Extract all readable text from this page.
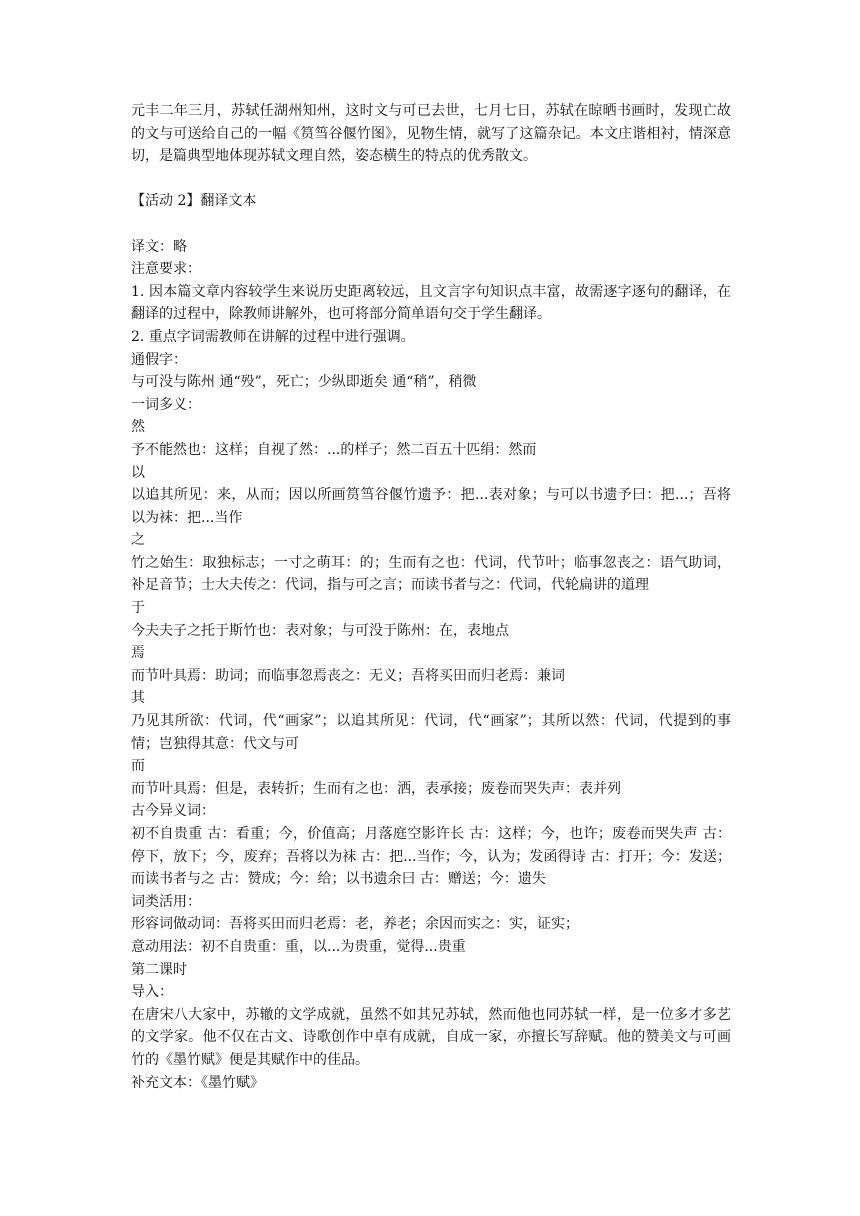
元丰二年三月，苏轼任湖州知州，这时文与可已去世，七月七日，苏轼在晾晒书画时，发现亡故的文与可送给自己的一幅《筼筜谷偃竹图》，见物生情，就写了这篇杂记。本文庄谐相衬，情深意切，是篇典型地体现苏轼文理自然，姿态横生的特点的优秀散文。

【活动 2】翻译文本

译文：略

注意要求：

1. 因本篇文章内容较学生来说历史距离较远，且文言字句知识点丰富，故需逐字逐句的翻译，在翻译的过程中，除教师讲解外，也可将部分简单语句交于学生翻译。

2. 重点字词需教师在讲解的过程中进行强调。

通假字：

与可没与陈州 通“殁”，死亡；少纵即逝矣 通“稍”，稍微

一词多义：

然

予不能然也：这样；自视了然：...的样子；然二百五十匹绢：然而

以

以追其所见：来，从而；因以所画筼筜谷偃竹遗予：把...表对象；与可以书遗予曰：把...；吾将以为袜：把...当作

之

竹之始生：取独标志；一寸之萌耳：的；生而有之也：代词，代节叶；临事忽丧之：语气助词，补足音节；士大夫传之：代词，指与可之言；而读书者与之：代词，代轮扁讲的道理

于

今夫夫子之托于斯竹也：表对象；与可没于陈州：在，表地点

焉

而节叶具焉：助词；而临事忽焉丧之：无义；吾将买田而归老焉：兼词

其

乃见其所欲：代词，代“画家”；以追其所见：代词，代“画家”；其所以然：代词，代提到的事情；岂独得其意：代文与可

而

而节叶具焉：但是，表转折；生而有之也：洒，表承接；废卷而哭失声：表并列

古今异义词：

初不自贵重 古：看重；今，价值高；月落庭空影许长 古：这样；今，也许；废卷而哭失声 古：停下，放下；今，废弃；吾将以为袜 古：把...当作；今，认为；发函得诗 古：打开；今：发送；而读书者与之 古：赞成；今：给；以书遗余曰 古：赠送；今：遗失

词类活用：

形容词做动词：吾将买田而归老焉：老，养老；余因而实之：实，证实；

意动用法：初不自贵重：重，以...为贵重，觉得...贵重

第二课时

导入：

在唐宋八大家中，苏辙的文学成就，虽然不如其兄苏轼，然而他也同苏轼一样，是一位多才多艺的文学家。他不仅在古文、诗歌创作中卓有成就，自成一家，亦擅长写辞赋。他的赞美文与可画竹的《墨竹赋》便是其赋作中的佳品。

补充文本：《墨竹赋》
